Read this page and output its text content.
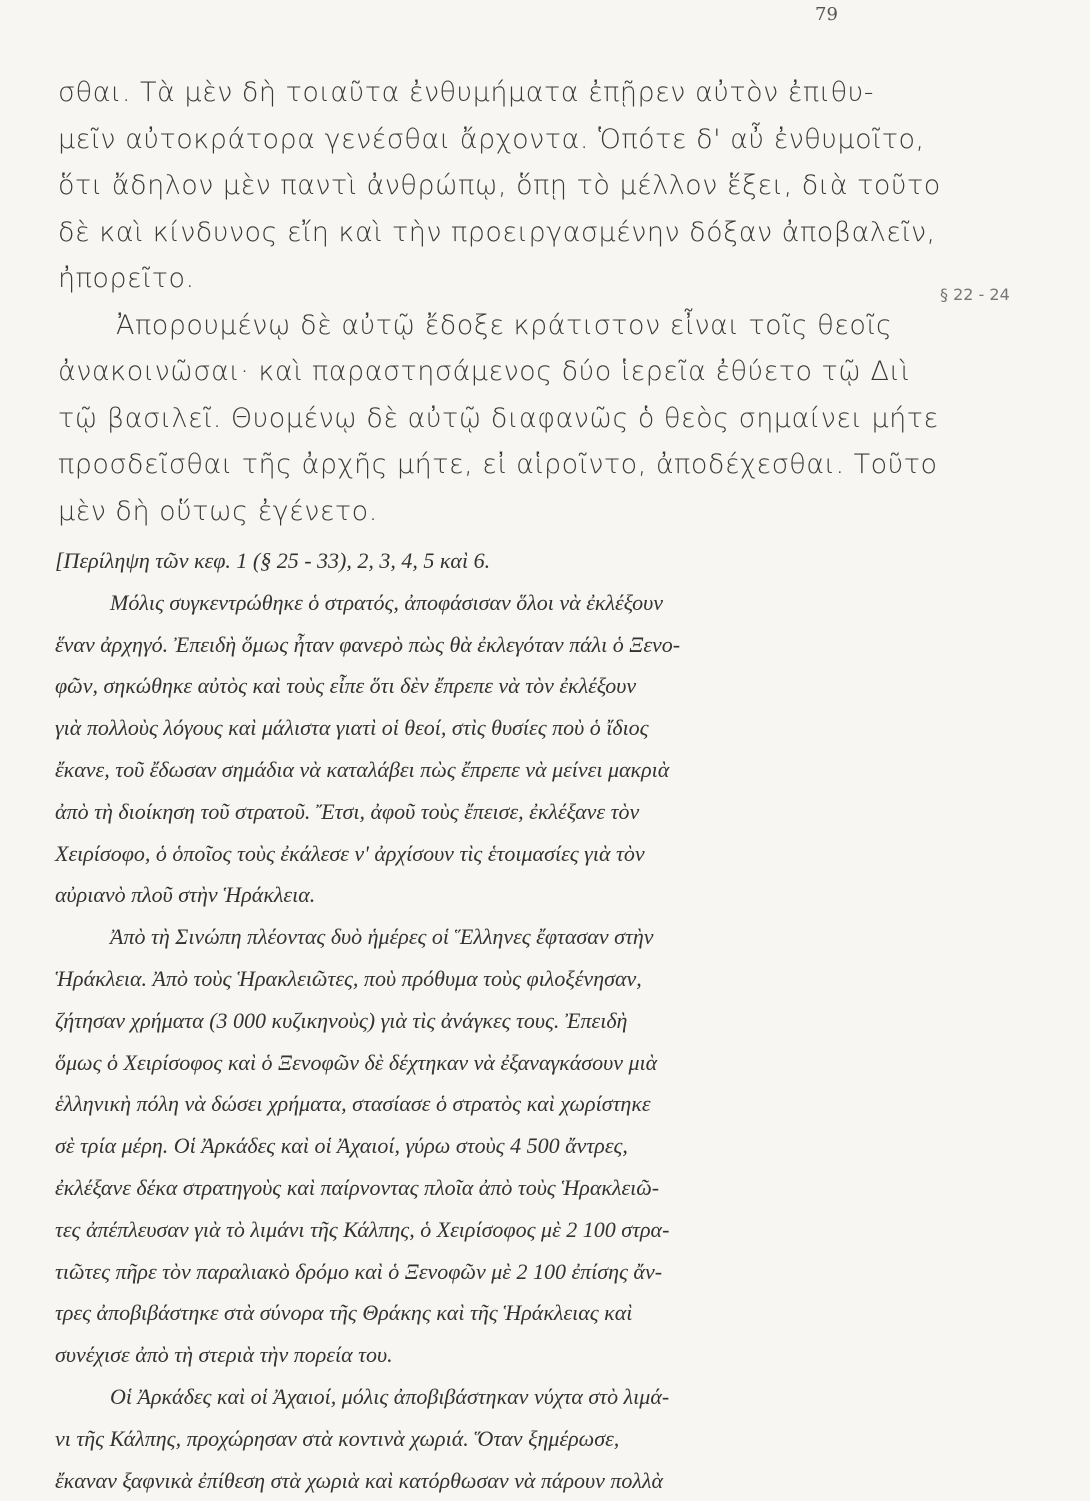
79
σθαι. Τὰ μὲν δὴ τοιαῦτα ἐνθυμήματα ἐπῇρεν αὐτὸν ἐπιθυ-
μεῖν αὐτοκράτορα γενέσθαι ἄρχοντα. Ὁπότε δ' αὖ ἐνθυμοῖτο,
ὅτι ἄδηλον μὲν παντὶ ἀνθρώπῳ, ὅπῃ τὸ μέλλον ἕξει, διὰ τοῦτο
δὲ καὶ κίνδυνος εἴη καὶ τὴν προειργασμένην δόξαν ἀποβαλεῖν,
ἠπορεῖτο.
Ἀπορουμένῳ δὲ αὐτῷ ἔδοξε κράτιστον εἶναι τοῖς θεοῖς
ἀνακοινῶσαι· καὶ παραστησάμενος δύο ἱερεῖα ἐθύετο τῷ Διὶ
τῷ βασιλεῖ. Θυομένῳ δὲ αὐτῷ διαφανῶς ὁ θεὸς σημαίνει μήτε
προσδεῖσθαι τῆς ἀρχῆς μήτε, εἰ αἱροῖντο, ἀποδέχεσθαι. Τοῦτο
μὲν δὴ οὕτως ἐγένετο.
§ 22 - 24
[Περίληψη τῶν κεφ. 1 (§ 25 - 33), 2, 3, 4, 5 καὶ 6.
Μόλις συγκεντρώθηκε ὁ στρατός, ἀποφάσισαν ὅλοι νὰ ἐκλέξουν
ἕναν ἀρχηγό. Ἐπειδὴ ὅμως ἦταν φανερὸ πὼς θὰ ἐκλεγόταν πάλι ὁ Ξενο-
φῶν, σηκώθηκε αὐτὸς καὶ τοὺς εἶπε ὅτι δὲν ἔπρεπε νὰ τὸν ἐκλέξουν
γιὰ πολλοὺς λόγους καὶ μάλιστα γιατὶ οἱ θεοί, στὶς θυσίες ποὺ ὁ ἴδιος
ἔκανε, τοῦ ἔδωσαν σημάδια νὰ καταλάβει πὼς ἔπρεπε νὰ μείνει μακριὰ
ἀπὸ τὴ διοίκηση τοῦ στρατοῦ. Ἔτσι, ἀφοῦ τοὺς ἔπεισε, ἐκλέξανε τὸν
Χειρίσοφο, ὁ ὁποῖος τοὺς ἐκάλεσε ν' ἀρχίσουν τὶς ἑτοιμασίες γιὰ τὸν
αὐριανὸ πλοῦ στὴν Ἡράκλεια.
Ἀπὸ τὴ Σινώπη πλέοντας δυὸ ἡμέρες οἱ Ἕλληνες ἔφτασαν στὴν
Ἡράκλεια. Ἀπὸ τοὺς Ἡρακλειῶτες, ποὺ πρόθυμα τοὺς φιλοξένησαν,
ζήτησαν χρήματα (3 000 κυζικηνοὺς) γιὰ τὶς ἀνάγκες τους. Ἐπειδὴ
ὅμως ὁ Χειρίσοφος καὶ ὁ Ξενοφῶν δὲ δέχτηκαν νὰ ἐξαναγκάσουν μιὰ
ἑλληνικὴ πόλη νὰ δώσει χρήματα, στασίασε ὁ στρατὸς καὶ χωρίστηκε
σὲ τρία μέρη. Οἱ Ἀρκάδες καὶ οἱ Ἀχαιοί, γύρω στοὺς 4 500 ἄντρες,
ἐκλέξανε δέκα στρατηγοὺς καὶ παίρνοντας πλοῖα ἀπὸ τοὺς Ἡρακλειῶ-
τες ἀπέπλευσαν γιὰ τὸ λιμάνι τῆς Κάλπης, ὁ Χειρίσοφος μὲ 2 100 στρα-
τιῶτες πῆρε τὸν παραλιακὸ δρόμο καὶ ὁ Ξενοφῶν μὲ 2 100 ἐπίσης ἄν-
τρες ἀποβιβάστηκε στὰ σύνορα τῆς Θράκης καὶ τῆς Ἡράκλειας καὶ
συνέχισε ἀπὸ τὴ στεριὰ τὴν πορεία του.
Οἱ Ἀρκάδες καὶ οἱ Ἀχαιοί, μόλις ἀποβιβάστηκαν νύχτα στὸ λιμά-
νι τῆς Κάλπης, προχώρησαν στὰ κοντινὰ χωριά. Ὅταν ξημέρωσε,
ἔκαναν ξαφνικὰ ἐπίθεση στὰ χωριὰ καὶ κατόρθωσαν νὰ πάρουν πολλὰ
